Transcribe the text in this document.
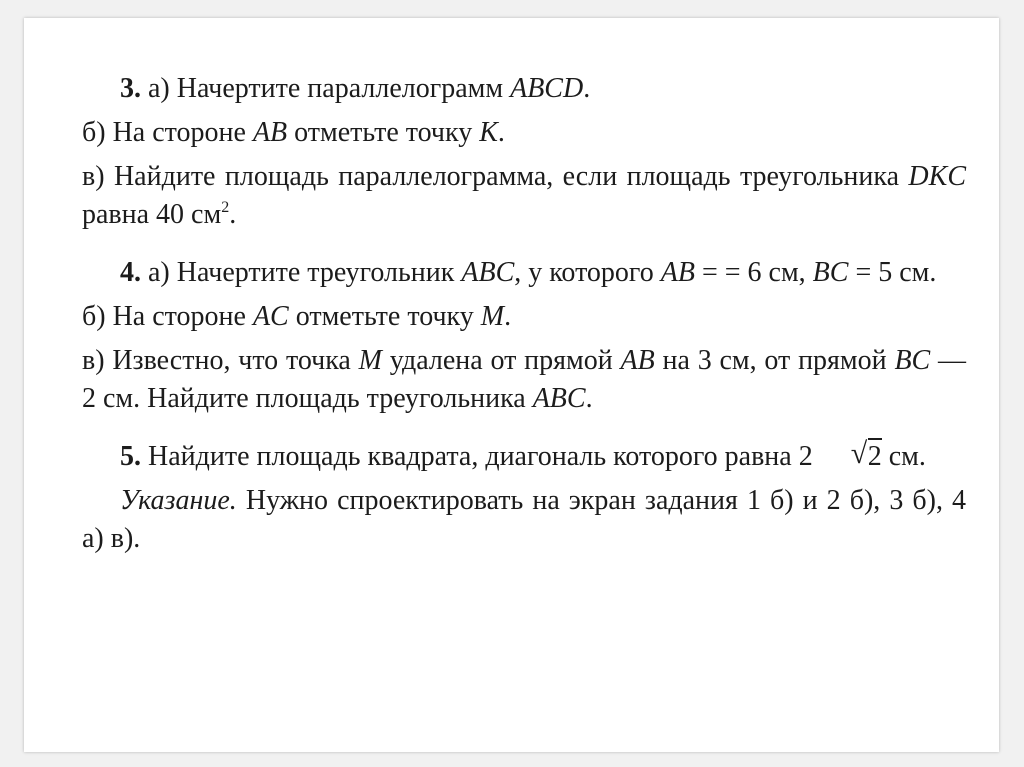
3. а) Начертите параллелограмм ABCD.
б) На стороне AB отметьте точку K.
в) Найдите площадь параллелограмма, если площадь треугольника DKC равна 40 $см^2$.
4. а) Начертите треугольник ABC, у которого AB = = 6 см, BC = 5 см.
б) На стороне AC отметьте точку M.
в) Известно, что точка M удалена от прямой AB на 3 см, от прямой BC — 2 см. Найдите площадь треугольника ABC.
5. Найдите площадь квадрата, диагональ которого равна 2	√ 2 см.
Указание. Нужно спроектировать на экран задания 1 б) и 2 б), 3 б), 4 а) в).
